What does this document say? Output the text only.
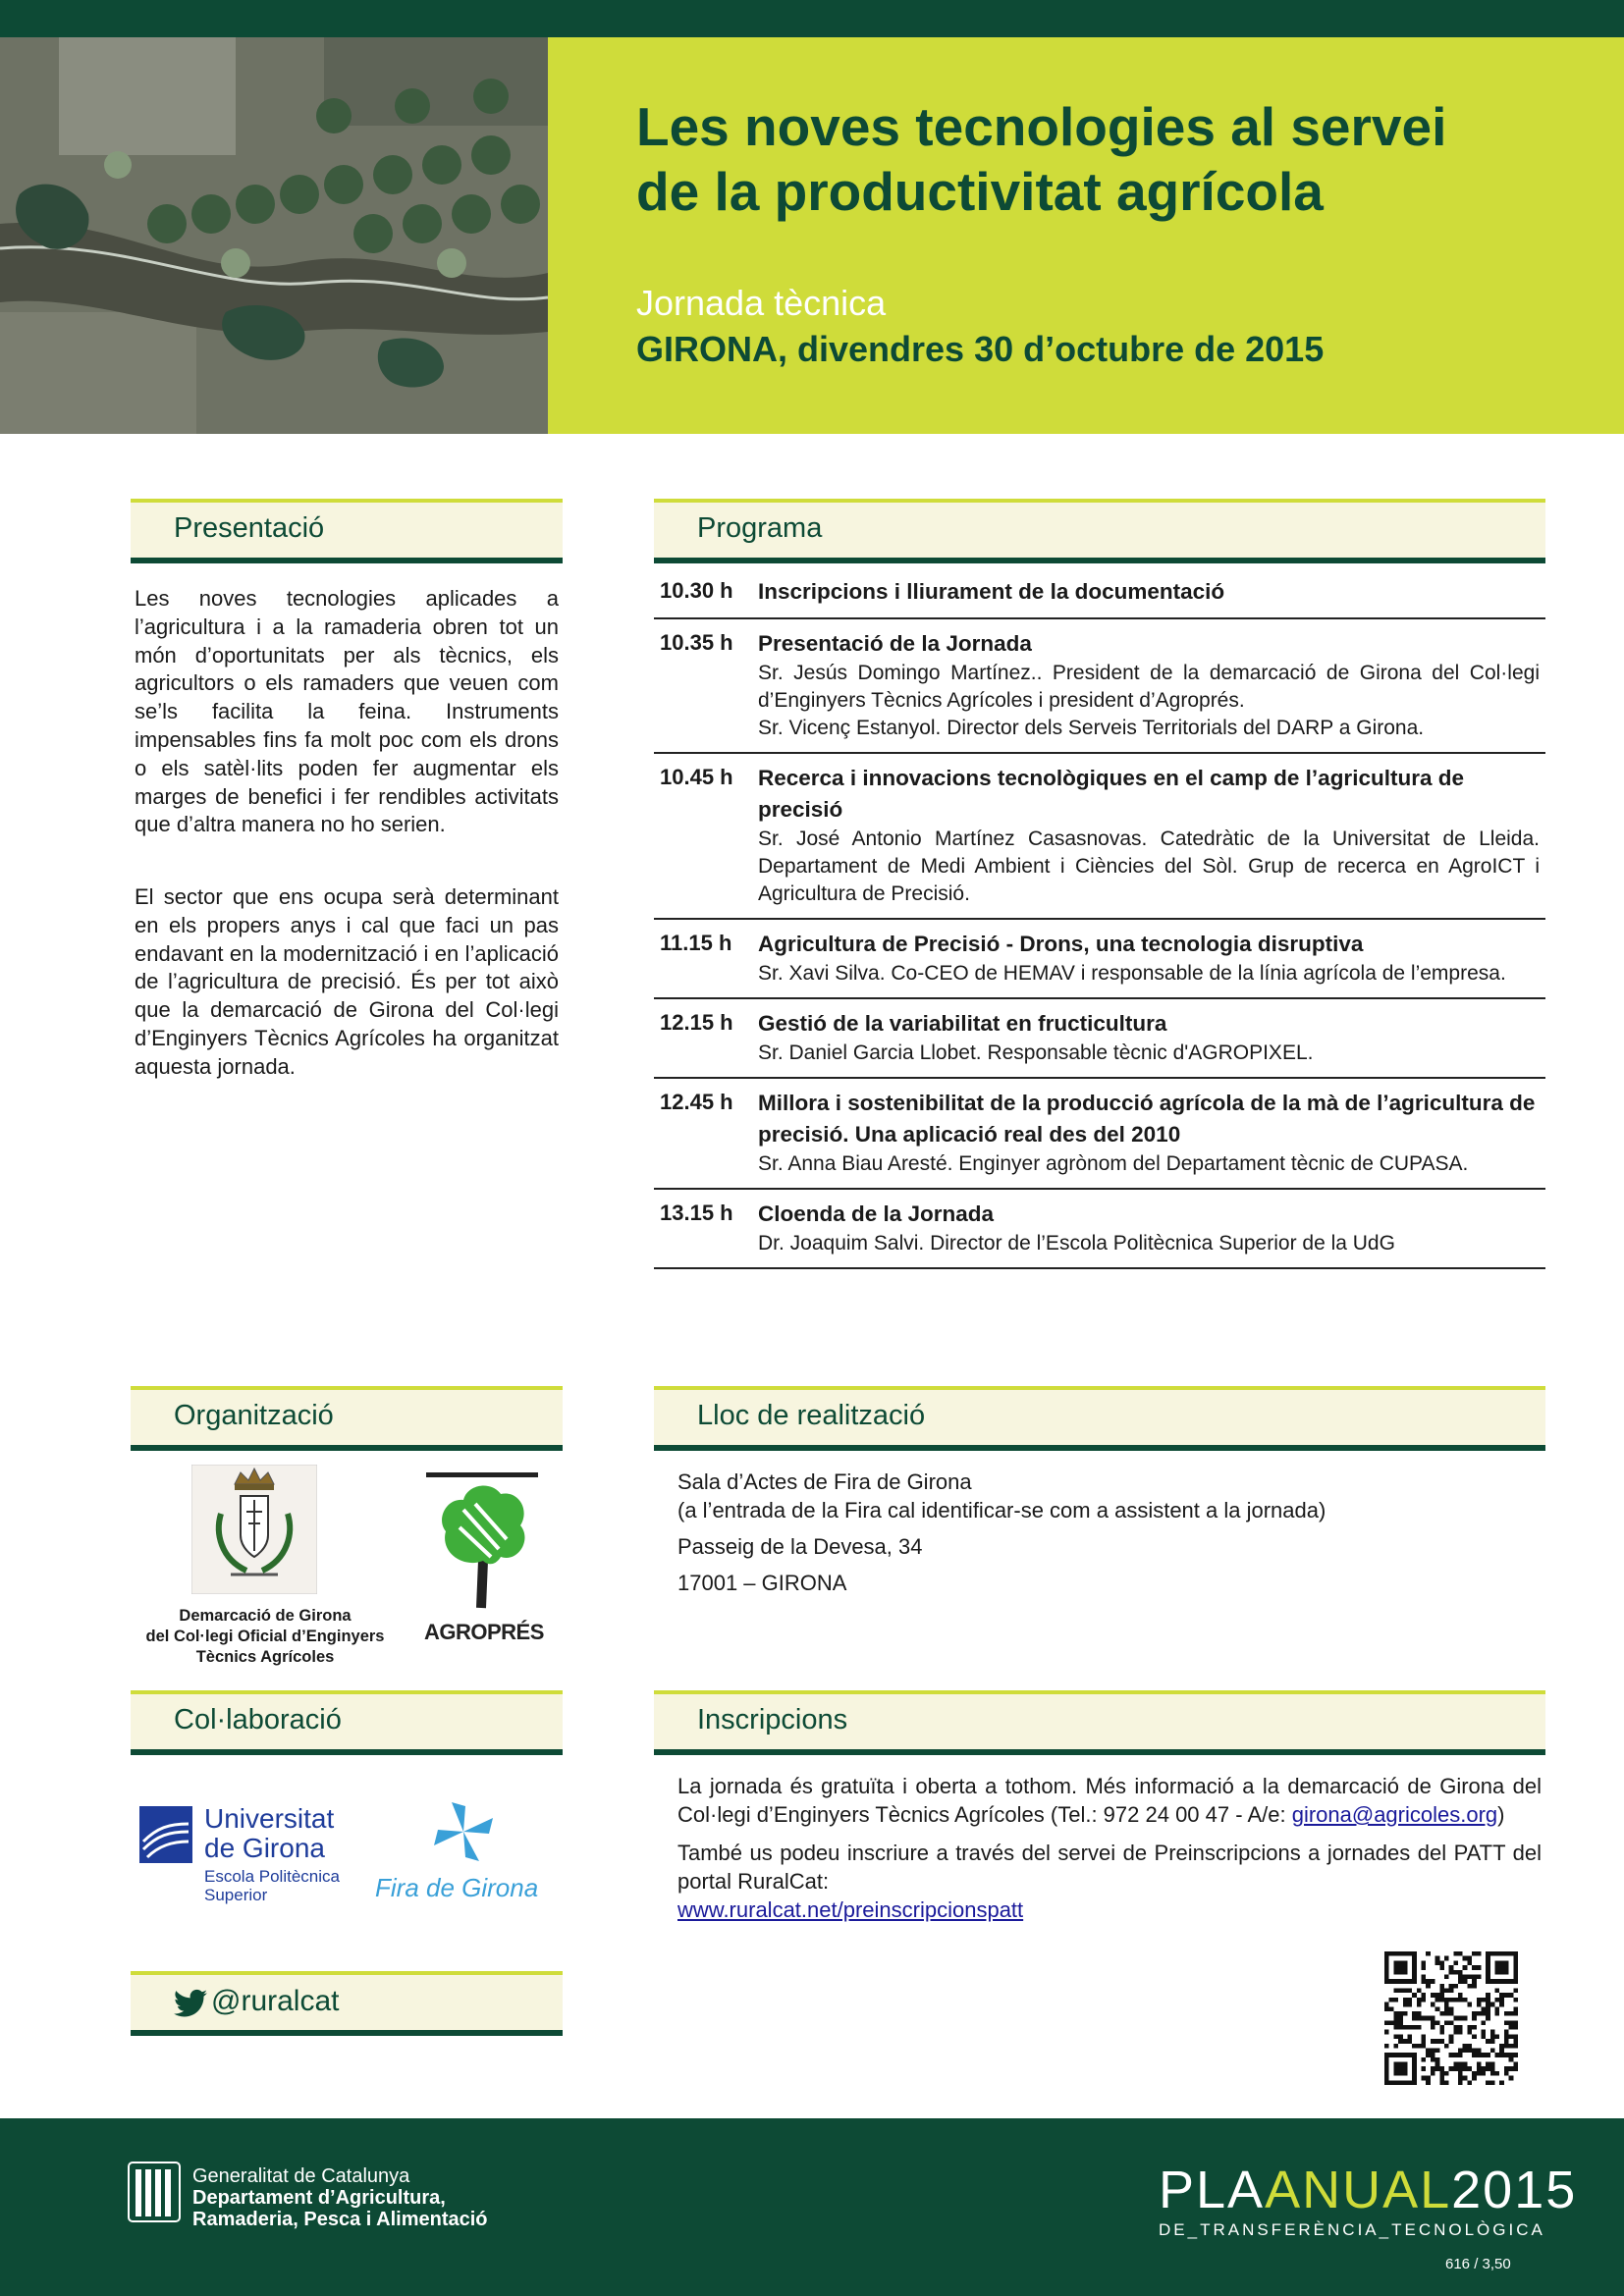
Les noves tecnologies al servei
de la productivitat agrícola
Jornada tècnica
GIRONA, divendres 30 d’octubre de 2015
Presentació

Les noves tecnologies aplicades a l’agricultura i a la ramaderia obren tot un món d’oportunitats per als tècnics, els agricultors o els ramaders que veuen com se’ls facilita la feina. Instruments impensables fins fa molt poc com els drons o els satèl·lits poden fer augmentar els marges de benefici i fer rendibles activitats que d’altra manera no ho serien.

El sector que ens ocupa serà determinant en els propers anys i cal que faci un pas endavant en la modernització i en l’aplicació de l’agricultura de precisió. És per tot això que la demarcació de Girona del Col·legi d’Enginyers Tècnics Agrícoles ha organitzat aquesta jornada.

Programa
10.30 h	Inscripcions i lliurament de la documentació
10.35 h	Presentació de la Jornada
Sr. Jesús Domingo Martínez.. President de la demarcació de Girona del Col·legi d’Enginyers Tècnics Agrícoles i president d’Agroprés.
Sr. Vicenç Estanyol. Director dels Serveis Territorials del DARP a Girona.
10.45 h	Recerca i innovacions tecnològiques en el camp de l’agricultura de precisió
Sr. José Antonio Martínez Casasnovas. Catedràtic de la Universitat de Lleida. Departament de Medi Ambient i Ciències del Sòl. Grup de recerca en AgroICT i Agricultura de Precisió.
11.15 h	Agricultura de Precisió - Drons, una tecnologia disruptiva
Sr. Xavi Silva. Co-CEO de HEMAV i responsable de la línia agrícola de l’empresa.
12.15 h	Gestió de la variabilitat en fructicultura
Sr. Daniel Garcia Llobet. Responsable tècnic d'AGROPIXEL.
12.45 h	Millora i sostenibilitat de la producció agrícola de la mà de l’agricultura de precisió. Una aplicació real des del 2010
Sr. Anna Biau Aresté. Enginyer agrònom del Departament tècnic de CUPASA.
13.15 h	Cloenda de la Jornada
Dr. Joaquim Salvi. Director de l’Escola Politècnica Superior de la UdG
Organització
Demarcació de Girona
del Col·legi Oficial d’Enginyers
Tècnics Agrícoles
AGROPRÉS
Lloc de realització
Sala d’Actes de Fira de Girona
(a l’entrada de la Fira cal identificar-se com a assistent a la jornada)
Passeig de la Devesa, 34
17001 – GIRONA
Col·laboració
Universitat
de Girona
Escola Politècnica
Superior	Fira de Girona
Inscripcions
La jornada és gratuïta i oberta a tothom. Més informació a la demarcació de Girona del Col·legi d’Enginyers Tècnics Agrícoles (Tel.: 972 24 00 47 - A/e: girona@agricoles.org)
També us podeu inscriure a través del servei de Preinscripcions a jornades del PATT del portal RuralCat:
www.ruralcat.net/preinscripcionspatt
@ruralcat
Generalitat de Catalunya
Departament d’Agricultura,
Ramaderia, Pesca i Alimentació	PLAANUAL2015
DE_TRANSFERÈNCIA_TECNOLÒGICA
616 / 3,50
